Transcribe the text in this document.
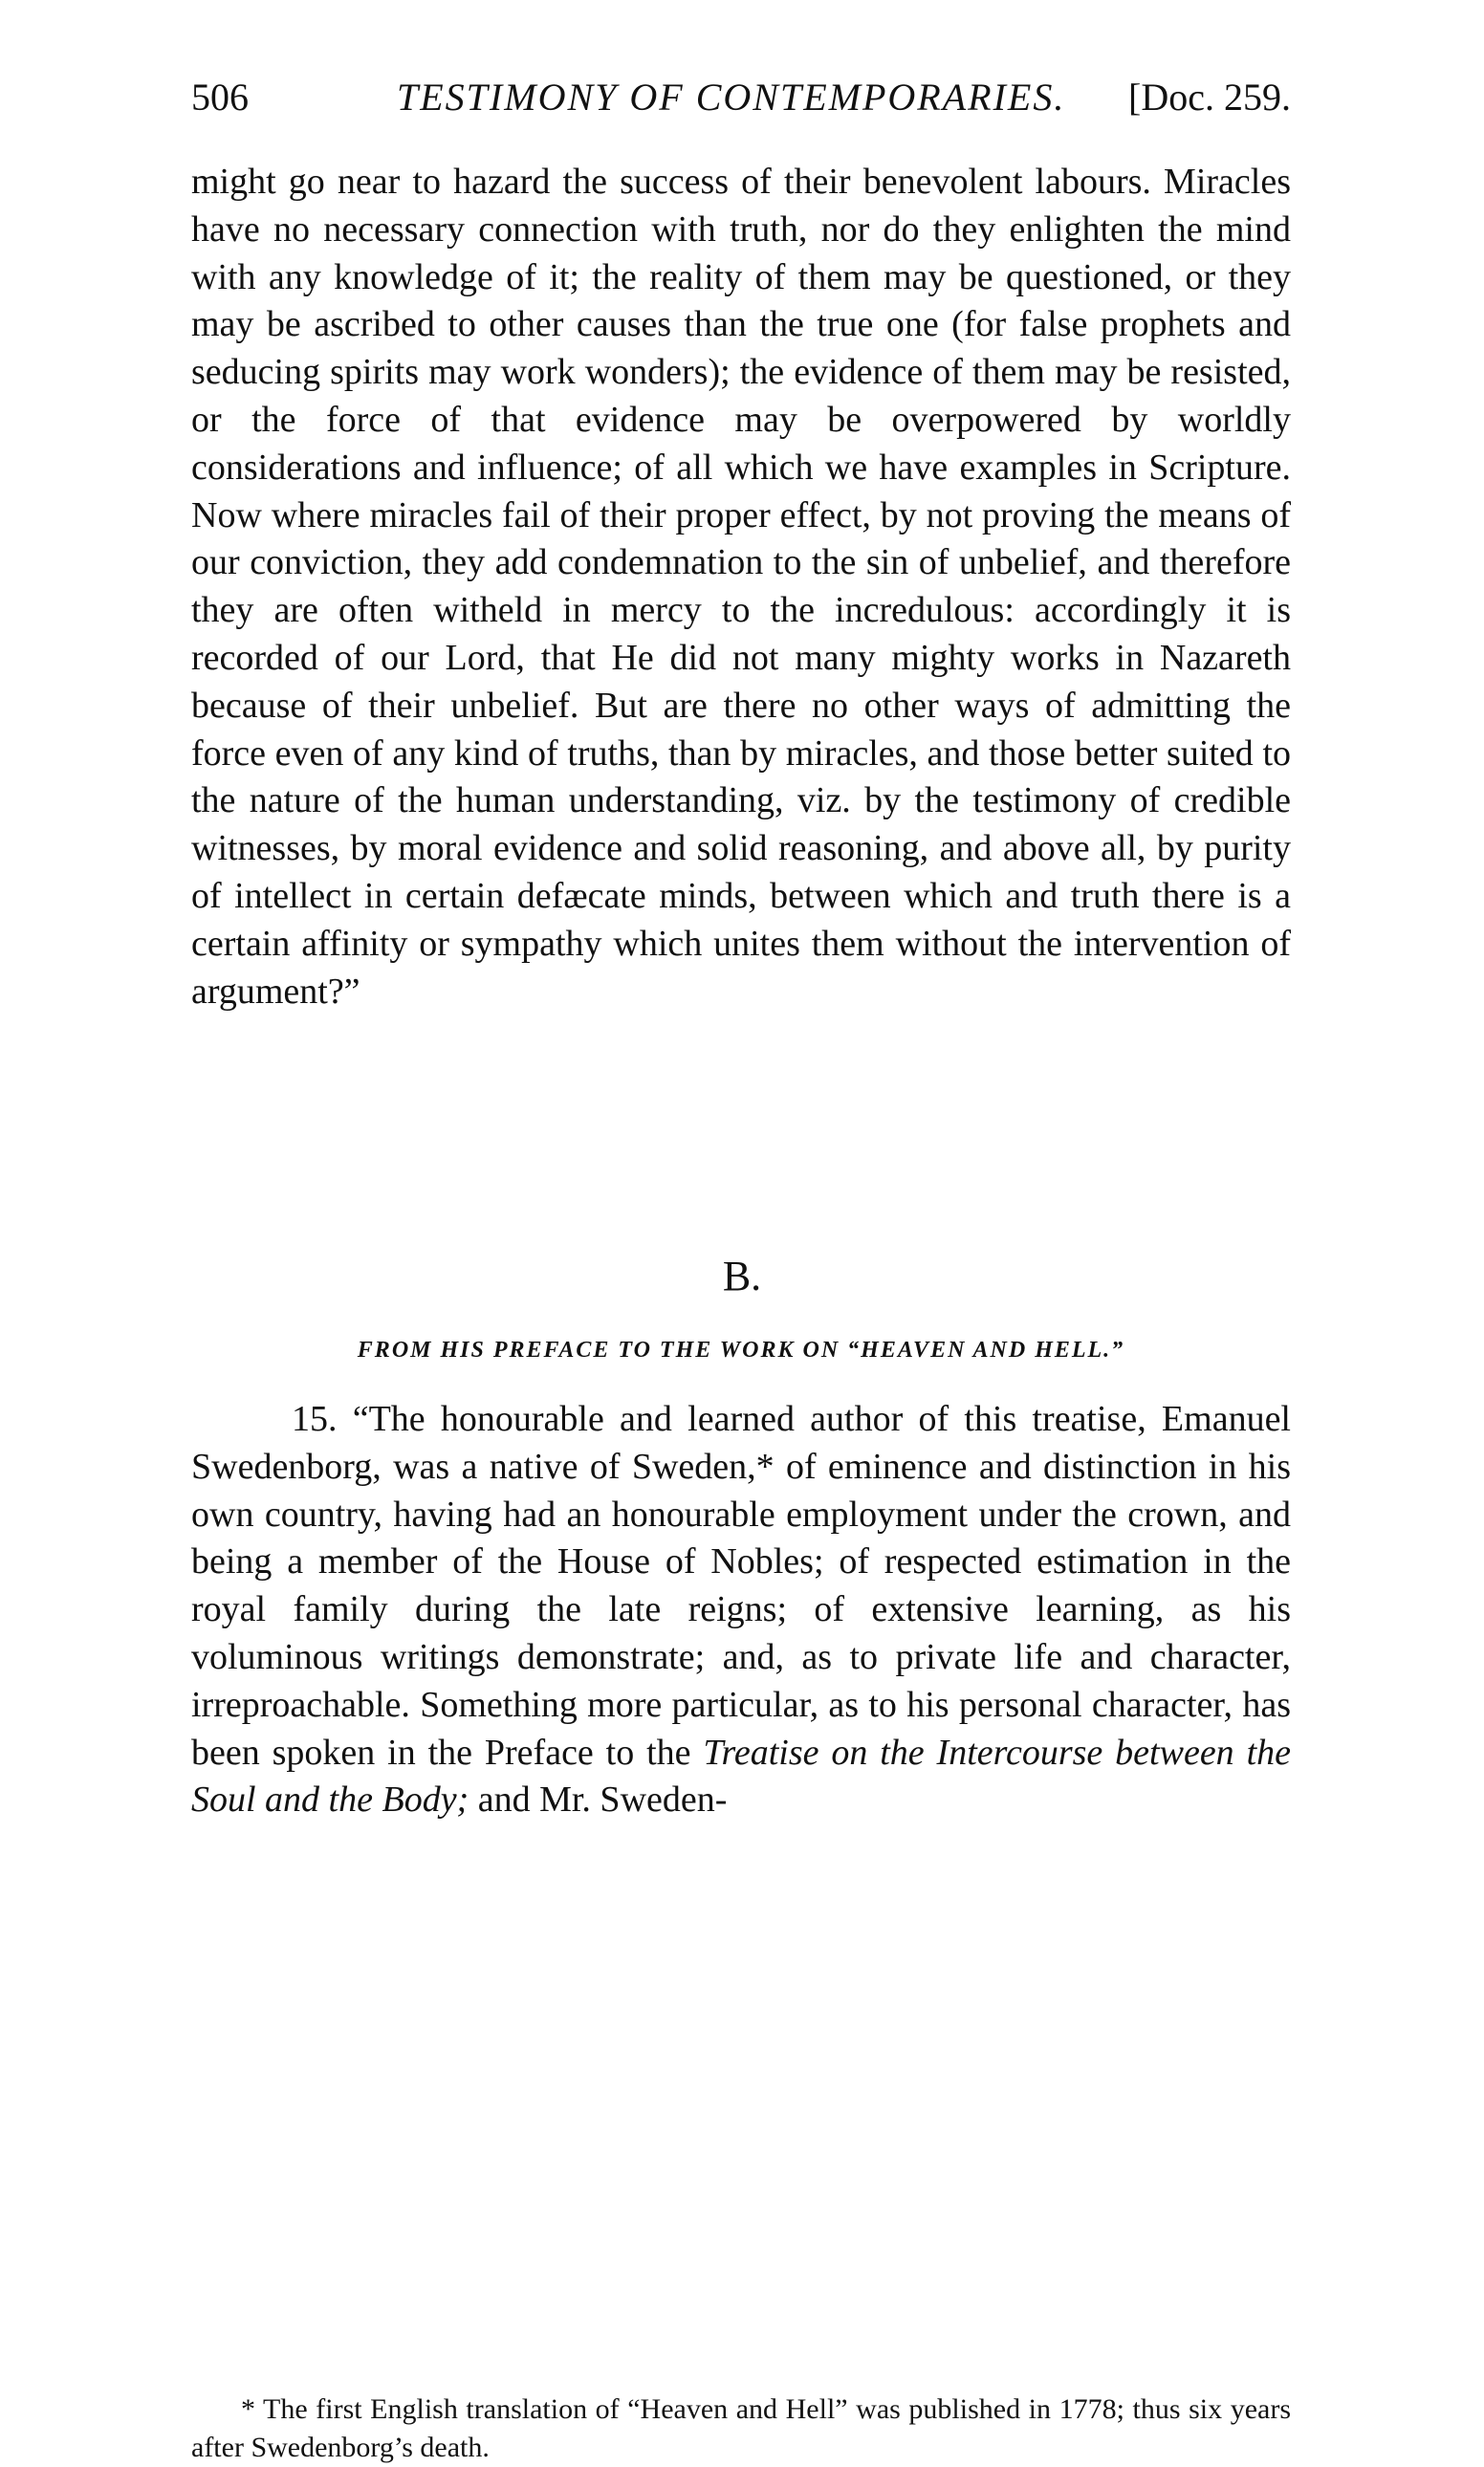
506	TESTIMONY OF CONTEMPORARIES. [Doc. 259.

might go near to hazard the success of their benevolent labours. Miracles have no necessary connection with truth, nor do they enlighten the mind with any knowledge of it; the reality of them may be questioned, or they may be ascribed to other causes than the true one (for false prophets and seducing spirits may work wonders); the evidence of them may be resisted, or the force of that evidence may be overpowered by worldly considerations and influence; of all which we have examples in Scripture. Now where miracles fail of their proper effect, by not proving the means of our conviction, they add condemnation to the sin of unbelief, and therefore they are often witheld in mercy to the incredulous: accordingly it is recorded of our Lord, that He did not many mighty works in Nazareth because of their unbelief. But are there no other ways of admitting the force even of any kind of truths, than by miracles, and those better suited to the nature of the human understanding, viz. by the testimony of credible witnesses, by moral evidence and solid reasoning, and above all, by purity of intellect in certain defæcate minds, between which and truth there is a certain affinity or sympathy which unites them without the intervention of argument?”

B.
FROM HIS PREFACE TO THE WORK ON “HEAVEN AND HELL.”

15. “The honourable and learned author of this treatise, Emanuel Swedenborg, was a native of Sweden,* of eminence and distinction in his own country, having had an honourable employment under the crown, and being a member of the House of Nobles; of respected estimation in the royal family during the late reigns; of extensive learning, as his voluminous writings demonstrate; and, as to private life and character, irreproachable. Something more particular, as to his personal character, has been spoken in the Preface to the Treatise on the Intercourse between the Soul and the Body; and Mr. Sweden-

* The first English translation of “Heaven and Hell” was published in 1778; thus six years after Swedenborg’s death.
